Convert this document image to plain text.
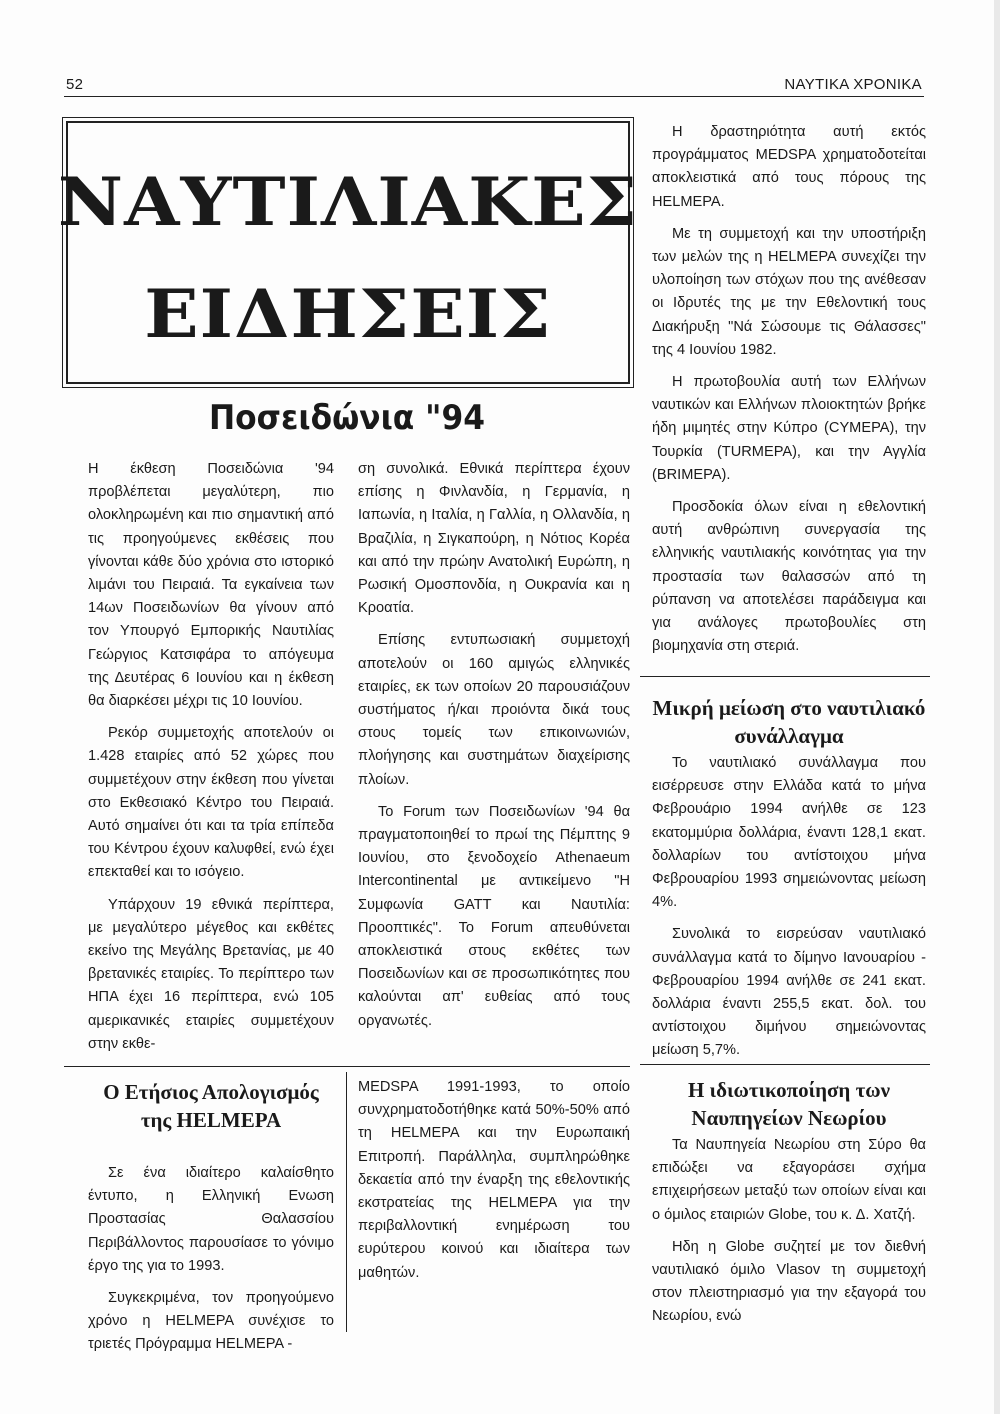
52	ΝΑΥΤΙΚΑ ΧΡΟΝΙΚΑ
ΝΑΥΤΙΛΙΑΚΕΣ
ΕΙΔΗΣΕΙΣ
Ποσειδώνια "94

Η έκθεση Ποσειδώνια '94 προβλέπεται μεγαλύτερη, πιο ολοκληρωμένη και πιο σημαντική από τις προηγούμενες εκθέσεις που γίνονται κάθε δύο χρόνια στο ιστορικό λιμάνι του Πειραιά. Τα εγκαίνεια των 14ων Ποσειδωνίων θα γίνουν από τον Υπουργό Εμπορικής Ναυτιλίας Γεώργιος Κατσιφάρα το απόγευμα της Δευτέρας 6 Ιουνίου και η έκθεση θα διαρκέσει μέχρι τις 10 Ιουνίου.

Ρεκόρ συμμετοχής αποτελούν οι 1.428 εταιρίες από 52 χώρες που συμμετέχουν στην έκθεση που γίνεται στο Εκθεσιακό Κέντρο του Πειραιά. Αυτό σημαίνει ότι και τα τρία επίπεδα του Κέντρου έχουν καλυφθεί, ενώ έχει επεκταθεί και το ισόγειο.

Υπάρχουν 19 εθνικά περίπτερα, με μεγαλύτερο μέγεθος και εκθέτες εκείνο της Μεγάλης Βρετανίας, με 40 βρετανικές εταιρίες. Το περίπτερο των ΗΠΑ έχει 16 περίπτερα, ενώ 105 αμερικανικές εταιρίες συμμετέχουν στην εκθε-

ση συνολικά. Εθνικά περίπτερα έχουν επίσης η Φινλανδία, η Γερμανία, η Ιαπωνία, η Ιταλία, η Γαλλία, η Ολλανδία, η Βραζιλία, η Σιγκαπούρη, η Νότιος Κορέα και από την πρώην Ανατολική Ευρώπη, η Ρωσική Ομοσπονδία, η Ουκρανία και η Κροατία.

Επίσης εντυπωσιακή συμμετοχή αποτελούν οι 160 αμιγώς ελληνικές εταιρίες, εκ των οποίων 20 παρουσιάζουν συστήματος ή/και προιόντα δικά τους στους τομείς των επικοινωνιών, πλοήγησης και συστημάτων διαχείρισης πλοίων.

Το Forum των Ποσειδωνίων '94 θα πραγματοποιηθεί το πρωί της Πέμπτης 9 Ιουνίου, στο ξενοδοχείο Athenaeum Intercontinental με αντικείμενο "Η Συμφωνία GATT και Ναυτιλία: Προοπτικές". Το Forum απευθύνεται αποκλειστικά στους εκθέτες των Ποσειδωνίων και σε προσωπικότητες που καλούνται απ' ευθείας από τους οργανωτές.

Η δραστηριότητα αυτή εκτός προγράμματος MEDSPA χρηματοδοτείται αποκλειστικά από τους πόρους της HELMEPA.

Με τη συμμετοχή και την υποστήριξη των μελών της η HELMEPA συνεχίζει την υλοποίηση των στόχων που της ανέθεσαν οι Ιδρυτές της με την Εθελοντική τους Διακήρυξη "Νά Σώσουμε τις Θάλασσες" της 4 Ιουνίου 1982.

Η πρωτοβουλία αυτή των Ελλήνων ναυτικών και Ελλήνων πλοιοκτητών βρήκε ήδη μιμητές στην Κύπρο (CYMEPA), την Τουρκία (TURMEPA), και την Αγγλία (BRIMEPA).

Προσδοκία όλων είναι η εθελοντική αυτή ανθρώπινη συνεργασία της ελληνικής ναυτιλιακής κοινότητας για την προστασία των θαλασσών από τη ρύπανση να αποτελέσει παράδειγμα και για ανάλογες πρωτοβουλίες στη βιομηχανία στη στεριά.

Μικρή μείωση στο ναυτιλιακό συνάλλαγμα

Το ναυτιλιακό συνάλλαγμα που εισέρρευσε στην Ελλάδα κατά το μήνα Φεβρουάριο 1994 ανήλθε σε 123 εκατομμύρια δολλάρια, έναντι 128,1 εκατ. δολλαρίων του αντίστοιχου μήνα Φεβρουαρίου 1993 σημειώνοντας μείωση 4%.

Συνολικά το εισρεύσαν ναυτιλιακό συνάλλαγμα κατά το δίμηνο Ιανουαρίου - Φεβρουαρίου 1994 ανήλθε σε 241 εκατ. δολλάρια έναντι 255,5 εκατ. δολ. του αντίστοιχου διμήνου σημειώνοντας μείωση 5,7%.

Ο Ετήσιος Απολογισμός της HELMEPA

Σε ένα ιδιαίτερο καλαίσθητο έντυπο, η Ελληνική Ενωση Προστασίας Θαλασσίου Περιβάλλοντος παρουσίασε το γόνιμο έργο της για το 1993.

Συγκεκριμένα, τον προηγούμενο χρόνο η HELMEPA συνέχισε το τριετές Πρόγραμμα HELMEPA -

MEDSPA 1991-1993, το οποίο συνχρηματοδοτήθηκε κατά 50%-50% από τη HELMEPA και την Ευρωπαική Επιτροπή. Παράλληλα, συμπληρώθηκε δεκαετία από την έναρξη της εθελοντικής εκστρατείας της HELMEPA για την περιβαλλοντική ενημέρωση του ευρύτερου κοινού και ιδιαίτερα των μαθητών.

Η ιδιωτικοποίηση των Ναυπηγείων Νεωρίου

Τα Ναυπηγεία Νεωρίου στη Σύρο θα επιδώξει να εξαγοράσει σχήμα επιχειρήσεων μεταξύ των οποίων είναι και ο όμιλος εταιριών Globe, του κ. Δ. Χατζή.

Ηδη η Globe συζητεί με τον διεθνή ναυτιλιακό όμιλο Vlasov τη συμμετοχή στον πλειστηριασμό για την εξαγορά του Νεωρίου, ενώ
